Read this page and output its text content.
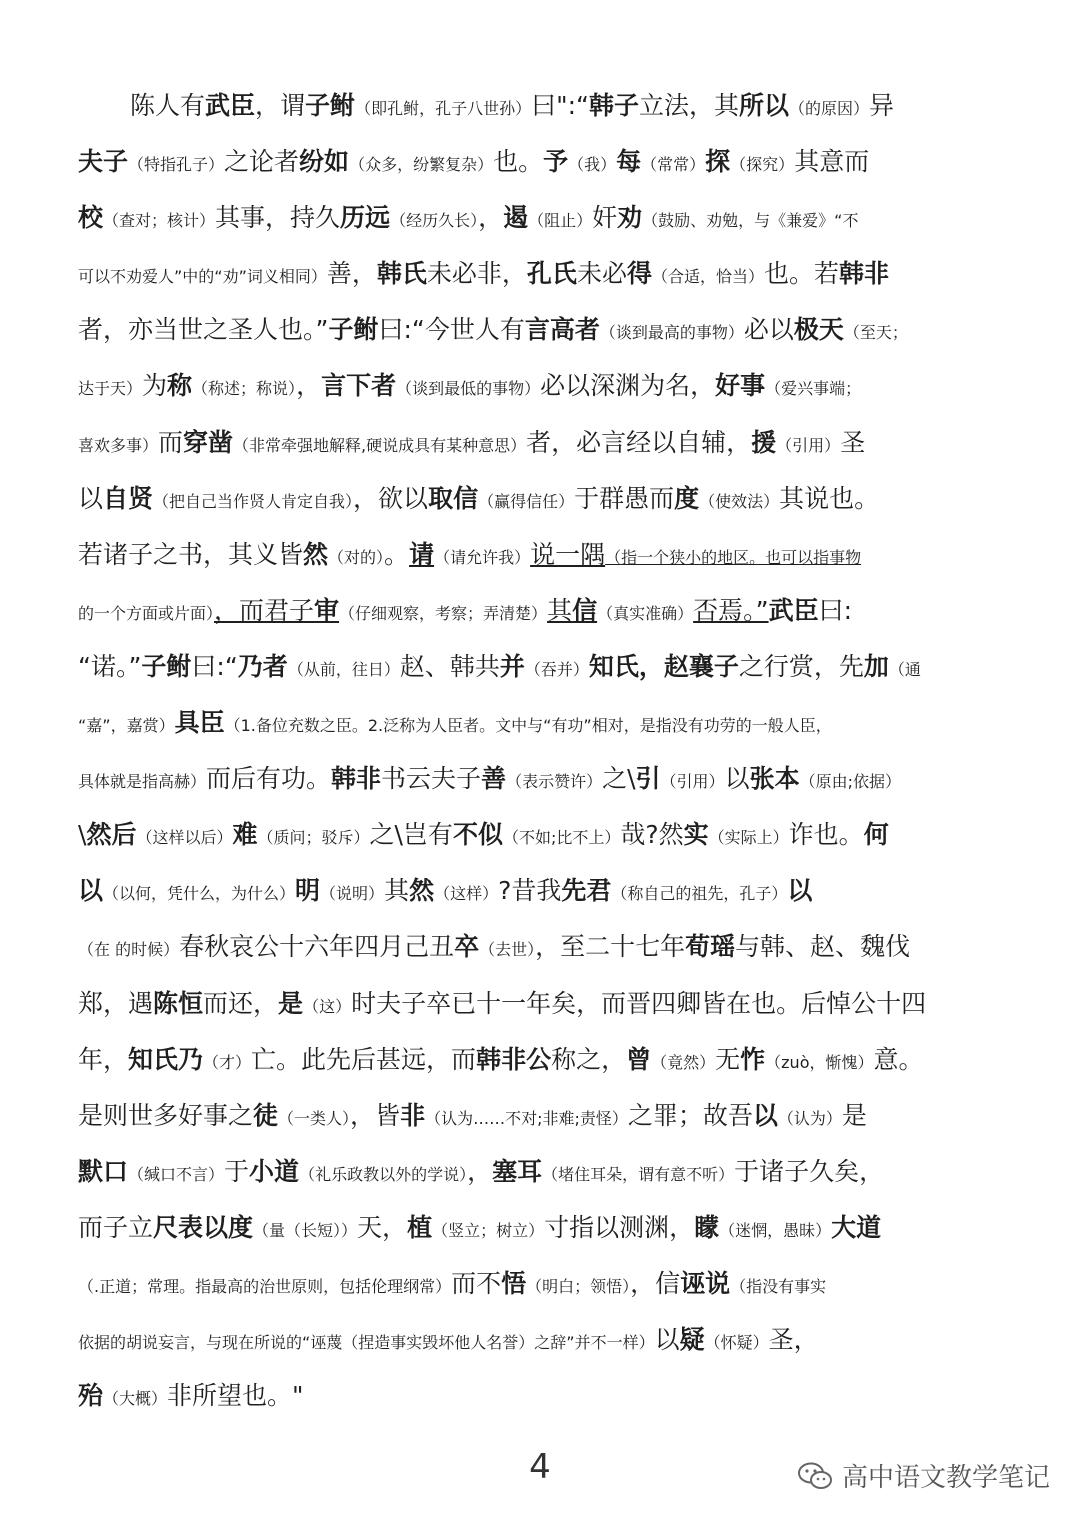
陈人有武臣，谓子鲋（即孔鲋，孔子八世孙）曰":“韩子立法，其所以（的原因）异
夫子（特指孔子）之论者纷如（众多，纷繁复杂）也。予（我）每（常常）探（探究）其意而
校（查对；核计）其事，持久历远（经历久长），遏（阻止）奸劝（鼓励、劝勉，与《兼爱》“不
可以不劝爱人”中的“劝”词义相同）善，韩氏未必非，孔氏未必得（合适，恰当）也。若韩非
者，亦当世之圣人也。”子鲋曰:“今世人有言高者（谈到最高的事物）必以极天（至天；
达于天）为称（称述；称说），言下者（谈到最低的事物）必以深渊为名，好事（爱兴事端；
喜欢多事）而穿凿（非常牵强地解释,硬说成具有某种意思）者，必言经以自辅，援（引用）圣
以自贤（把自己当作贤人肯定自我），欲以取信（赢得信任）于群愚而度（使效法）其说也。
若诸子之书，其义皆然（对的）。请（请允许我）说一隅（指一个狭小的地区。也可以指事物
的一个方面或片面），而君子审（仔细观察，考察；弄清楚）其信（真实准确）否焉。”武臣曰:
“诺。”子鲋曰:“乃者（从前，往日）赵、韩共并（吞并）知氏，赵襄子之行赏，先加（通
“嘉”，嘉赏）具臣（1.备位充数之臣。2.泛称为人臣者。文中与“有功”相对，是指没有功劳的一般人臣，
具体就是指高赫）而后有功。韩非书云夫子善（表示赞许）之\引（引用）以张本（原由;依据）
\然后（这样以后）难（质问；驳斥）之\岂有不似（不如;比不上）哉?然实（实际上）诈也。何
以（以何，凭什么，为什么）明（说明）其然（这样）?昔我先君（称自己的祖先，孔子）以
（在 的时候）春秋哀公十六年四月己丑卒（去世），至二十七年荀瑶与韩、赵、魏伐
郑，遇陈恒而还，是（这）时夫子卒已十一年矣，而晋四卿皆在也。后悼公十四
年，知氏乃（才）亡。此先后甚远，而韩非公称之，曾（竟然）无怍（zuò，惭愧）意。
是则世多好事之徒（一类人），皆非（认为……不对;非难;责怪）之罪；故吾以（认为）是
默口（缄口不言）于小道（礼乐政教以外的学说），塞耳（堵住耳朵，谓有意不听）于诸子久矣，
而子立尺表以度（量（长短））天，植（竖立；树立）寸指以测渊，矇（迷惘，愚昧）大道
（.正道；常理。指最高的治世原则，包括伦理纲常）而不悟（明白；领悟），信诬说（指没有事实
依据的胡说妄言，与现在所说的“诬蔑（捏造事实毁坏他人名誉）之辞”并不一样）以疑（怀疑）圣，
殆（大概）非所望也。"
4	高中语文教学笔记
